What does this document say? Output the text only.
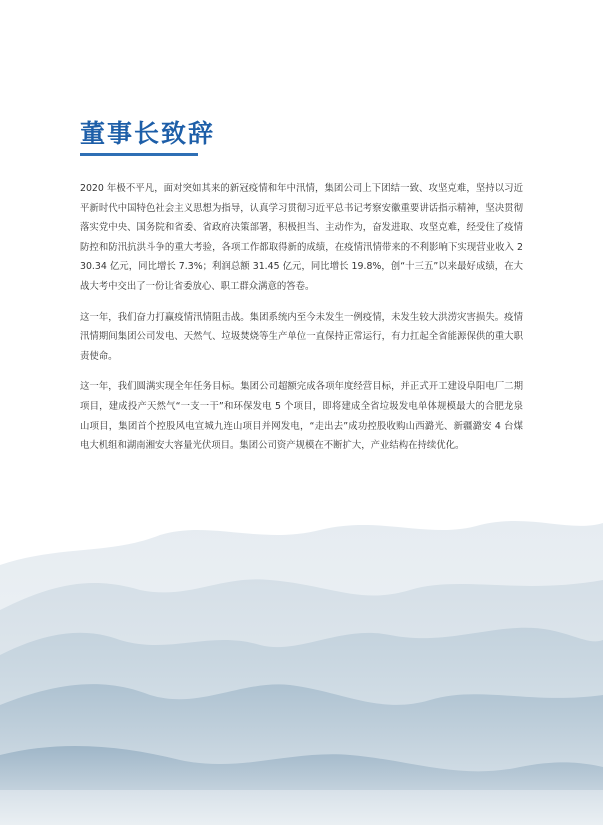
董事长致辞

2020 年极不平凡，面对突如其来的新冠疫情和年中汛情，集团公司上下团结一致、攻坚克难，坚持以习近平新时代中国特色社会主义思想为指导，认真学习贯彻习近平总书记考察安徽重要讲话指示精神，坚决贯彻落实党中央、国务院和省委、省政府决策部署，积极担当、主动作为，奋发进取、攻坚克难，经受住了疫情防控和防汛抗洪斗争的重大考验，各项工作都取得新的成绩，在疫情汛情带来的不利影响下实现营业收入 230.34 亿元，同比增长 7.3%；利润总额 31.45 亿元，同比增长 19.8%，创“十三五”以来最好成绩，在大战大考中交出了一份让省委放心、职工群众满意的答卷。

这一年，我们奋力打赢疫情汛情阻击战。集团系统内至今未发生一例疫情，未发生较大洪涝灾害损失。疫情汛情期间集团公司发电、天然气、垃圾焚烧等生产单位一直保持正常运行，有力扛起全省能源保供的重大职责使命。

这一年，我们圆满实现全年任务目标。集团公司超额完成各项年度经营目标，并正式开工建设阜阳电厂二期项目，建成投产天然气“一支一干”和环保发电 5 个项目，即将建成全省垃圾发电单体规模最大的合肥龙泉山项目，集团首个控股风电宣城九连山项目并网发电，“走出去”成功控股收购山西潞光、新疆潞安 4 台煤电大机组和湖南湘安大容量光伏项目。集团公司资产规模在不断扩大，产业结构在持续优化。
